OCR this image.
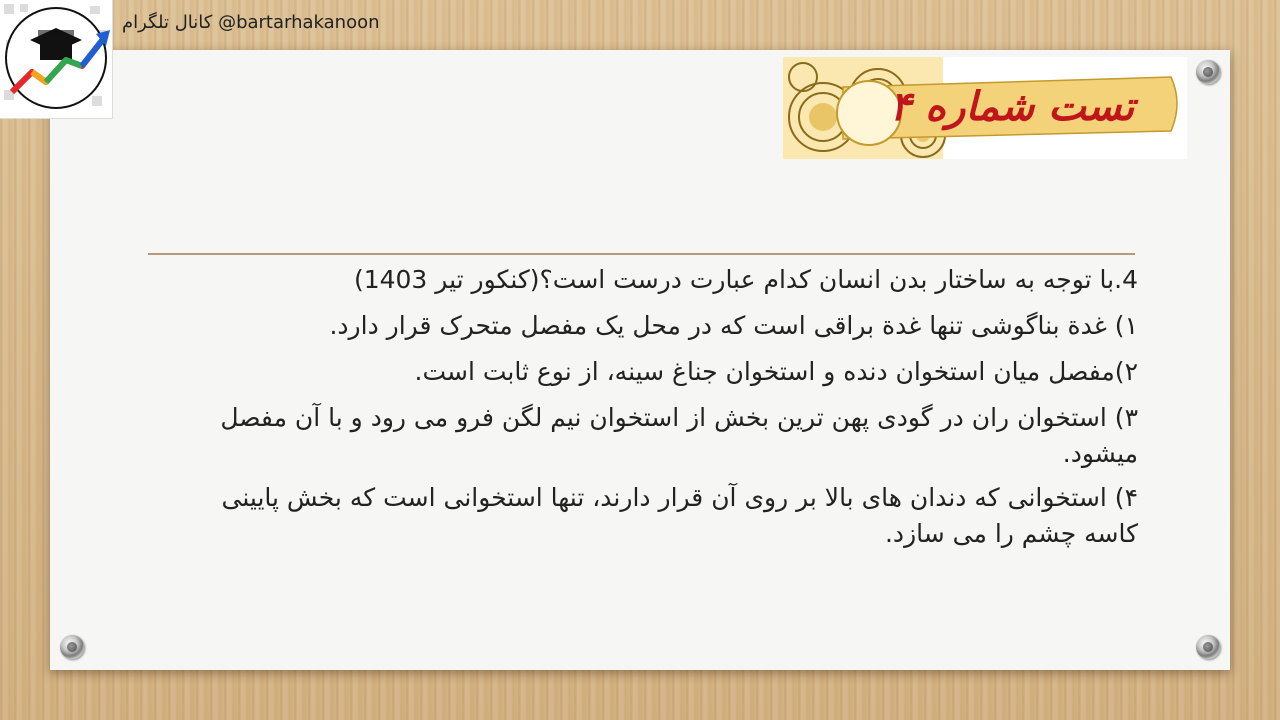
کانال تلگرام @bartarhakanoon
تست شماره ۴

4.با توجه به ساختار بدن انسان کدام عبارت درست است؟(کنکور تیر 1403)

۱) غدة بناگوشی تنها غدة براقی است که در محل یک مفصل متحرک قرار دارد.

۲)مفصل میان استخوان دنده و استخوان جناغ سینه، از نوع ثابت است.

۳) استخوان ران در گودی پهن ترین بخش از استخوان نیم لگن فرو می رود و با آن مفصل میشود.

۴) استخوانی که دندان های بالا بر روی آن قرار دارند، تنها استخوانی است که بخش پایینی کاسه چشم را می سازد.
